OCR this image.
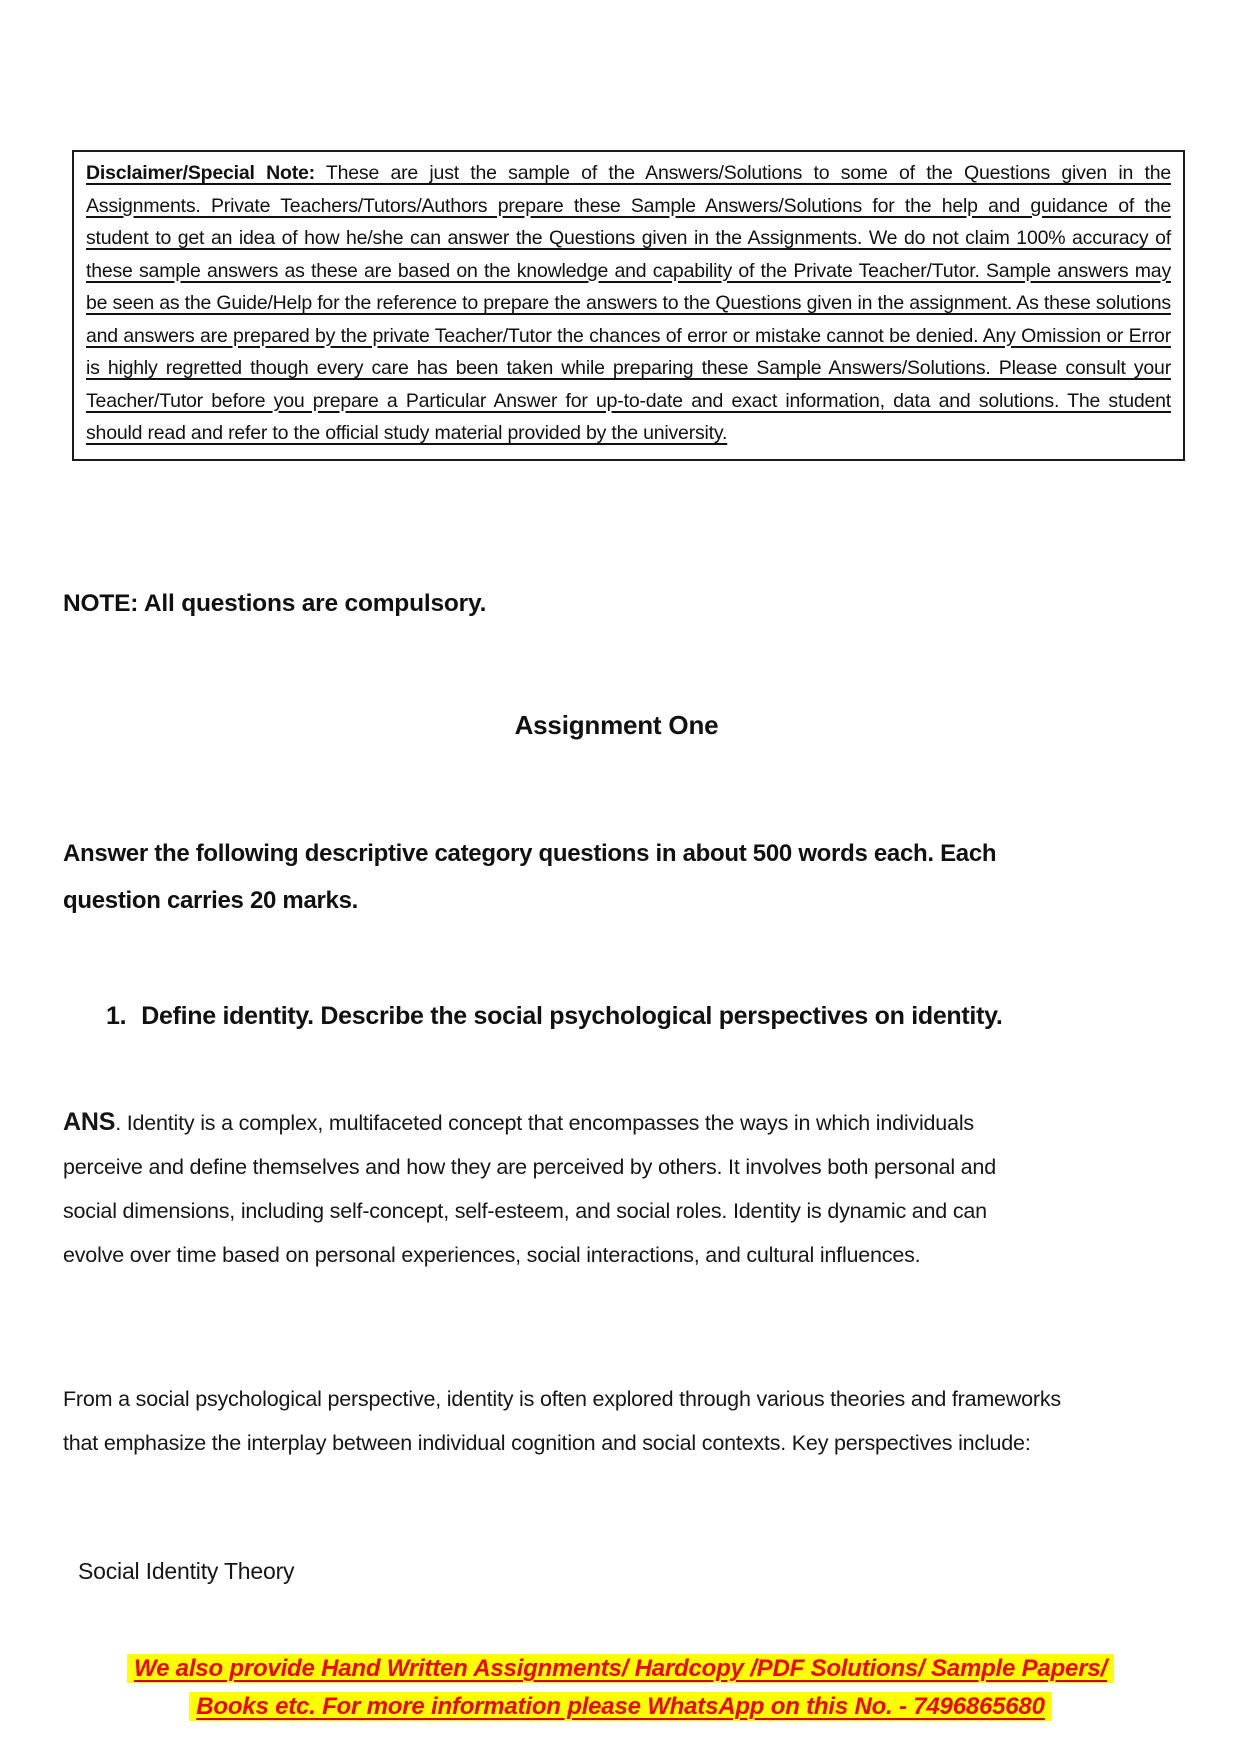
Disclaimer/Special Note: These are just the sample of the Answers/Solutions to some of the Questions given in the Assignments. Private Teachers/Tutors/Authors prepare these Sample Answers/Solutions for the help and guidance of the student to get an idea of how he/she can answer the Questions given in the Assignments. We do not claim 100% accuracy of these sample answers as these are based on the knowledge and capability of the Private Teacher/Tutor. Sample answers may be seen as the Guide/Help for the reference to prepare the answers to the Questions given in the assignment. As these solutions and answers are prepared by the private Teacher/Tutor the chances of error or mistake cannot be denied. Any Omission or Error is highly regretted though every care has been taken while preparing these Sample Answers/Solutions. Please consult your Teacher/Tutor before you prepare a Particular Answer for up-to-date and exact information, data and solutions. The student should read and refer to the official study material provided by the university.

NOTE: All questions are compulsory.
Assignment One

Answer the following descriptive category questions in about 500 words each. Each question carries 20 marks.

1. Define identity. Describe the social psychological perspectives on identity.

ANS. Identity is a complex, multifaceted concept that encompasses the ways in which individuals perceive and define themselves and how they are perceived by others. It involves both personal and social dimensions, including self-concept, self-esteem, and social roles. Identity is dynamic and can evolve over time based on personal experiences, social interactions, and cultural influences.

From a social psychological perspective, identity is often explored through various theories and frameworks that emphasize the interplay between individual cognition and social contexts. Key perspectives include:

Social Identity Theory

We also provide Hand Written Assignments/ Hardcopy /PDF Solutions/ Sample Papers/
Books etc. For more information please WhatsApp on this No. - 7496865680
